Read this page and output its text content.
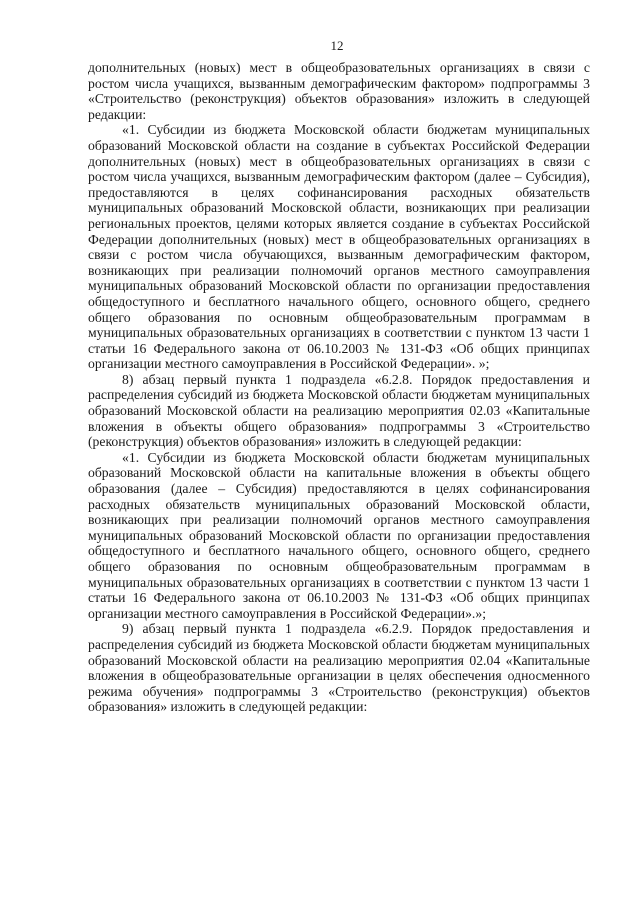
12

дополнительных (новых) мест в общеобразовательных организациях в связи с ростом числа учащихся, вызванным демографическим фактором» подпрограммы 3 «Строительство (реконструкция) объектов образования» изложить в следующей редакции:

«1. Субсидии из бюджета Московской области бюджетам муниципальных образований Московской области на создание в субъектах Российской Федерации дополнительных (новых) мест в общеобразовательных организациях в связи с ростом числа учащихся, вызванным демографическим фактором (далее – Субсидия), предоставляются в целях софинансирования расходных обязательств муниципальных образований Московской области, возникающих при реализации региональных проектов, целями которых является создание в субъектах Российской Федерации дополнительных (новых) мест в общеобразовательных организациях в связи с ростом числа обучающихся, вызванным демографическим фактором, возникающих при реализации полномочий органов местного самоуправления муниципальных образований Московской области по организации предоставления общедоступного и бесплатного начального общего, основного общего, среднего общего образования по основным общеобразовательным программам в муниципальных образовательных организациях в соответствии с пунктом 13 части 1 статьи 16 Федерального закона от 06.10.2003 № 131-ФЗ «Об общих принципах организации местного самоуправления в Российской Федерации». »;

8) абзац первый пункта 1 подраздела «6.2.8. Порядок предоставления и распределения субсидий из бюджета Московской области бюджетам муниципальных образований Московской области на реализацию мероприятия 02.03 «Капитальные вложения в объекты общего образования» подпрограммы 3 «Строительство (реконструкция) объектов образования» изложить в следующей редакции:

«1. Субсидии из бюджета Московской области бюджетам муниципальных образований Московской области на капитальные вложения в объекты общего образования (далее – Субсидия) предоставляются в целях софинансирования расходных обязательств муниципальных образований Московской области, возникающих при реализации полномочий органов местного самоуправления муниципальных образований Московской области по организации предоставления общедоступного и бесплатного начального общего, основного общего, среднего общего образования по основным общеобразовательным программам в муниципальных образовательных организациях в соответствии с пунктом 13 части 1 статьи 16 Федерального закона от 06.10.2003 № 131-ФЗ «Об общих принципах организации местного самоуправления в Российской Федерации».»;

9) абзац первый пункта 1 подраздела «6.2.9. Порядок предоставления и распределения субсидий из бюджета Московской области бюджетам муниципальных образований Московской области на реализацию мероприятия 02.04 «Капитальные вложения в общеобразовательные организации в целях обеспечения односменного режима обучения» подпрограммы 3 «Строительство (реконструкция) объектов образования» изложить в следующей редакции:
